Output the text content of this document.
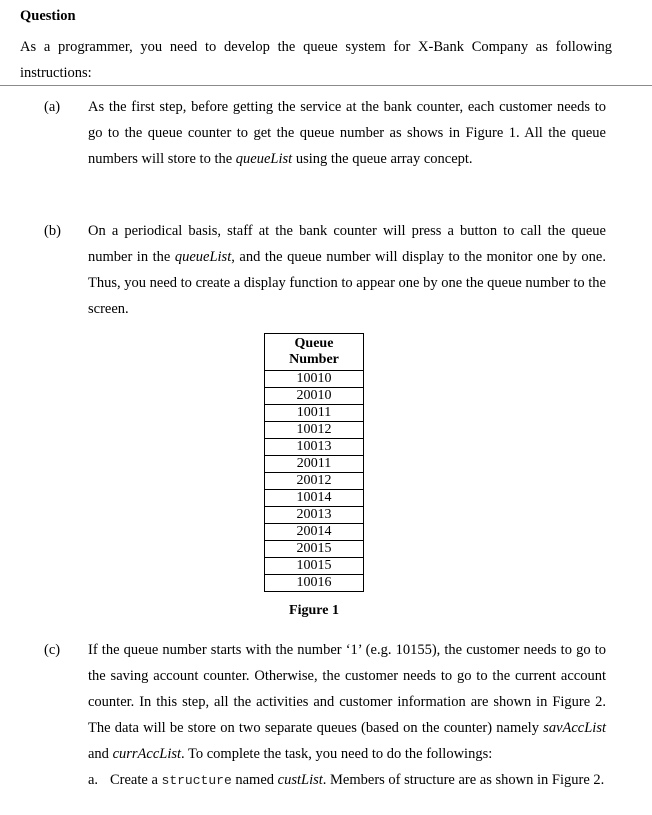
Question
As a programmer, you need to develop the queue system for X-Bank Company as following instructions:
(a) As the first step, before getting the service at the bank counter, each customer needs to go to the queue counter to get the queue number as shows in Figure 1. All the queue numbers will store to the queueList using the queue array concept.
(b) On a periodical basis, staff at the bank counter will press a button to call the queue number in the queueList, and the queue number will display to the monitor one by one. Thus, you need to create a display function to appear one by one the queue number to the screen.
Queue
Number
10010
20010
10011
10012
10013
20011
20012
10014
20013
20014
20015
10015
10016
Figure 1
(c) If the queue number starts with the number ‘1’ (e.g. 10155), the customer needs to go to the saving account counter. Otherwise, the customer needs to go to the current account counter. In this step, all the activities and customer information are shown in Figure 2. The data will be store on two separate queues (based on the counter) namely savAccList and currAccList. To complete the task, you need to do the followings:
a. Create a structure named custList. Members of structure are as shown in Figure 2.
